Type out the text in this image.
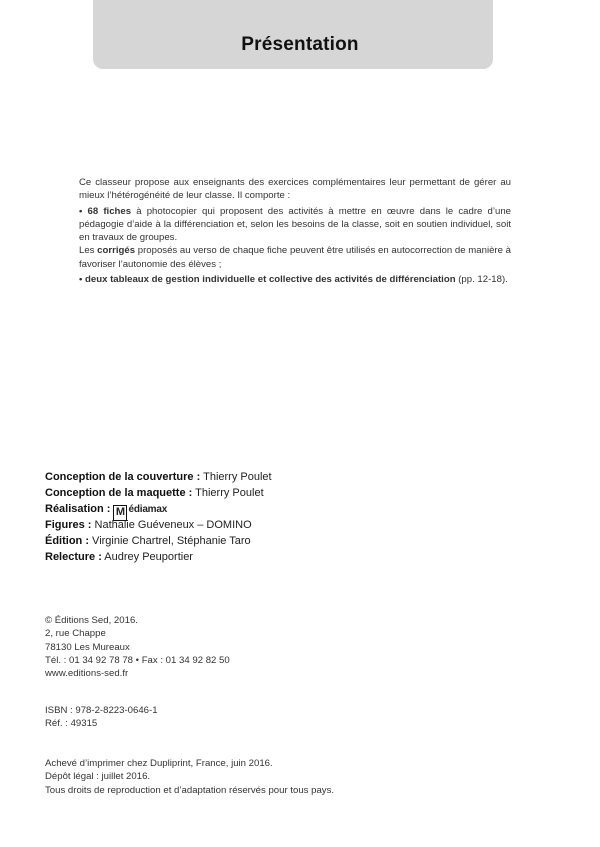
Présentation

Ce classeur propose aux enseignants des exercices complémentaires leur permettant de gérer au mieux l’hétérogénéité de leur classe. Il comporte :

• 68 fiches à photocopier qui proposent des activités à mettre en œuvre dans le cadre d’une pédagogie d’aide à la différenciation et, selon les besoins de la classe, soit en soutien individuel, soit en travaux de groupes.

Les corrigés proposés au verso de chaque fiche peuvent être utilisés en autocorrection de manière à favoriser l’autonomie des élèves ;

• deux tableaux de gestion individuelle et collective des activités de différenciation (pp. 12-18).

Conception de la couverture : Thierry Poulet
Conception de la maquette : Thierry Poulet
Réalisation : M édiamax
Figures : Nathalie Guéveneux – DOMINO
Édition : Virginie Chartrel, Stéphanie Taro
Relecture : Audrey Peuportier
© Éditions Sed, 2016.
2, rue Chappe
78130 Les Mureaux
Tél. : 01 34 92 78 78 • Fax : 01 34 92 82 50
www.editions-sed.fr
ISBN : 978-2-8223-0646-1
Réf. : 49315
Achevé d’imprimer chez Dupliprint, France, juin 2016.
Dépôt légal : juillet 2016.
Tous droits de reproduction et d’adaptation réservés pour tous pays.
